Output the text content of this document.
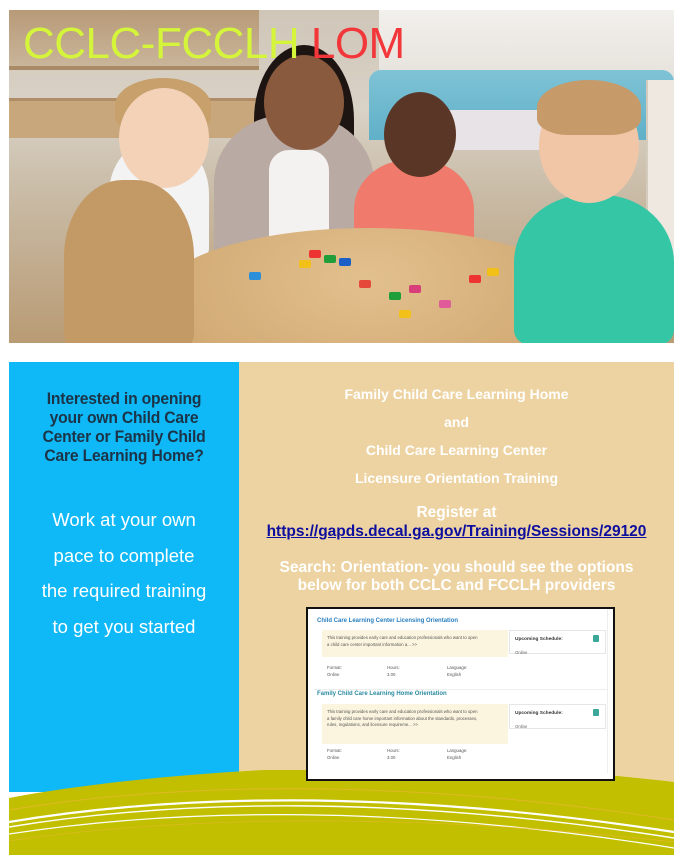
CCLC-FCCLH LOM
Interested in opening
your own Child Care
Center or Family Child
Care Learning Home?
Work at your own
pace to complete
the required training
to get you started
Family Child Care Learning Home
and
Child Care Learning Center
Licensure Orientation Training
Register at
https://gapds.decal.ga.gov/Training/Sessions/29120
Search: Orientation- you should see the options
below for both CCLC and FCCLH providers
Child Care Learning Center Licensing Orientation
This training provides early care and education professionals who want to open
a child care center important information a... >>
Upcoming Schedule:
Online
Format:
Online
Hours:
3.00
Language:
English
Family Child Care Learning Home Orientation
This training provides early care and education professionals who want to open
a family child care home important information about the standards, processes,
rules, regulations, and licensure requireme... >>
Upcoming Schedule:
Online
Format:
Online
Hours:
3.00
Language:
English
